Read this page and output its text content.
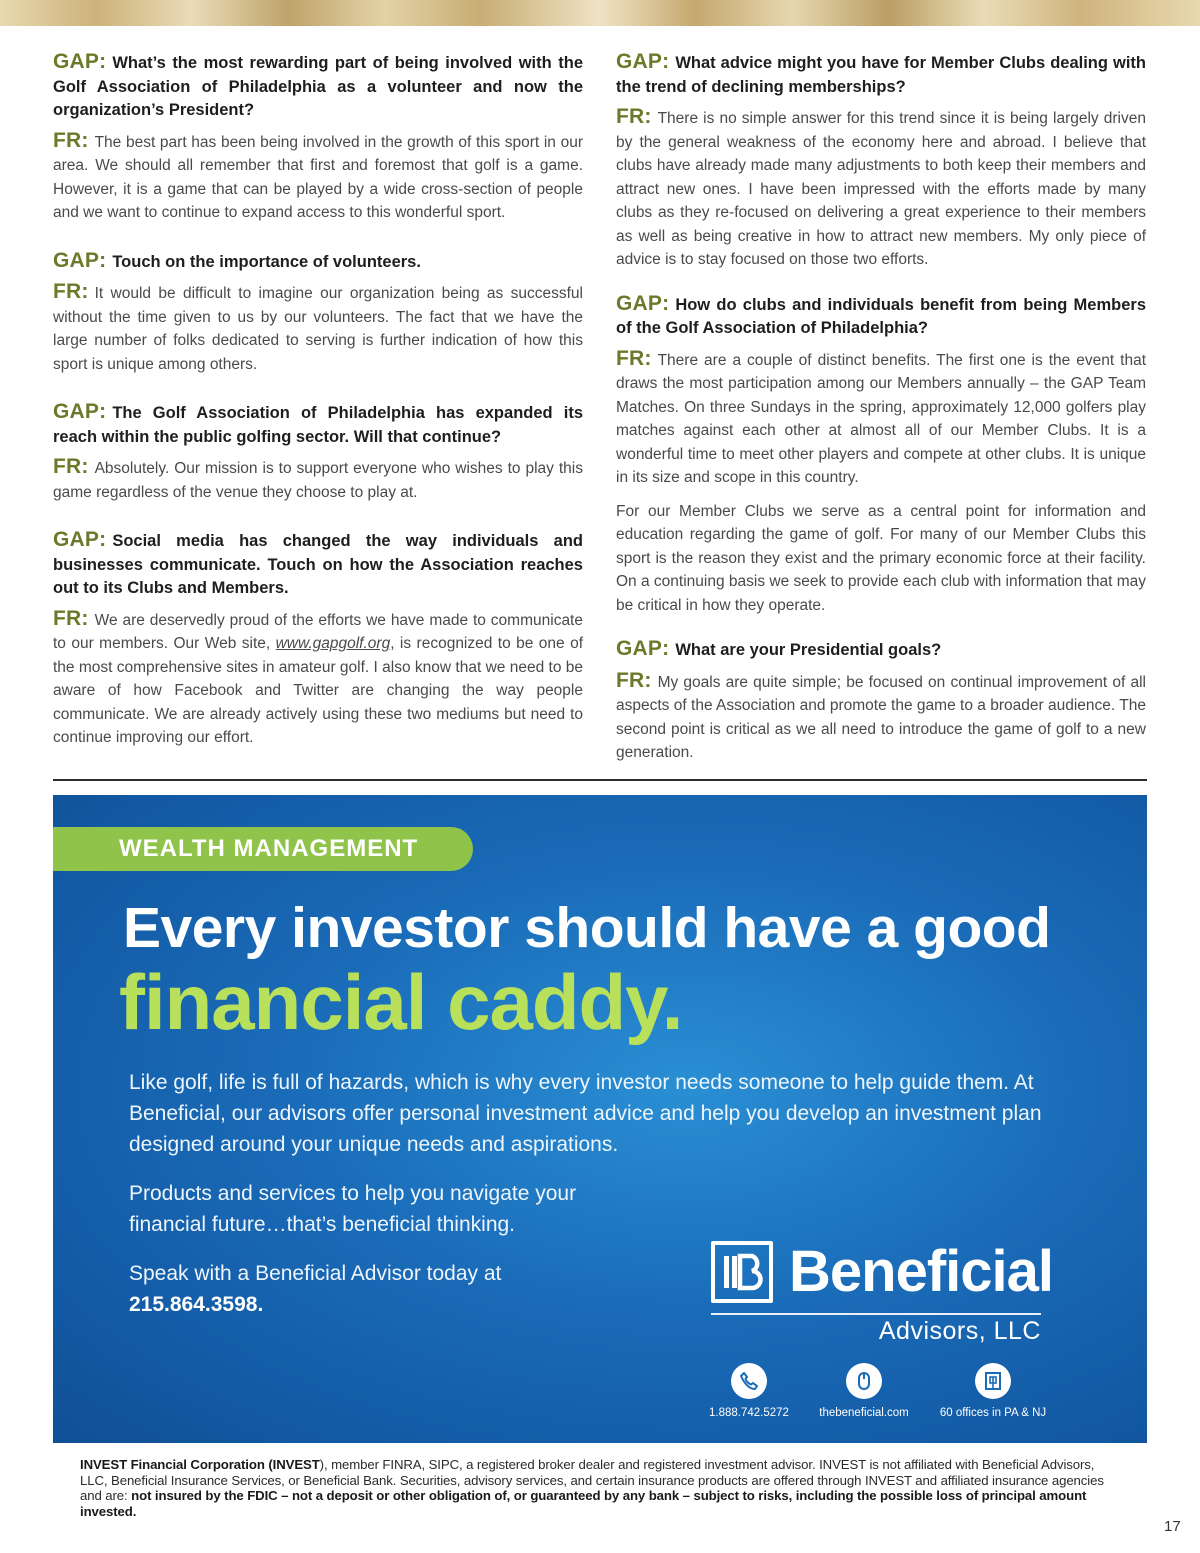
GAP: What’s the most rewarding part of being involved with the Golf Association of Philadelphia as a volunteer and now the organization’s President?

FR: The best part has been being involved in the growth of this sport in our area. We should all remember that first and foremost that golf is a game. However, it is a game that can be played by a wide cross-section of people and we want to continue to expand access to this wonderful sport.

GAP: Touch on the importance of volunteers.

FR: It would be difficult to imagine our organization being as successful without the time given to us by our volunteers. The fact that we have the large number of folks dedicated to serving is further indication of how this sport is unique among others.

GAP: The Golf Association of Philadelphia has expanded its reach within the public golfing sector. Will that continue?

FR: Absolutely. Our mission is to support everyone who wishes to play this game regardless of the venue they choose to play at.

GAP: Social media has changed the way individuals and businesses communicate. Touch on how the Association reaches out to its Clubs and Members.

FR: We are deservedly proud of the efforts we have made to communicate to our members. Our Web site, www.gapgolf.org, is recognized to be one of the most comprehensive sites in amateur golf. I also know that we need to be aware of how Facebook and Twitter are changing the way people communicate. We are already actively using these two mediums but need to continue improving our effort.

GAP: What advice might you have for Member Clubs dealing with the trend of declining memberships?

FR: There is no simple answer for this trend since it is being largely driven by the general weakness of the economy here and abroad. I believe that clubs have already made many adjustments to both keep their members and attract new ones. I have been impressed with the efforts made by many clubs as they re-focused on delivering a great experience to their members as well as being creative in how to attract new members. My only piece of advice is to stay focused on those two efforts.

GAP: How do clubs and individuals benefit from being Members of the Golf Association of Philadelphia?

FR: There are a couple of distinct benefits. The first one is the event that draws the most participation among our Members annually – the GAP Team Matches. On three Sundays in the spring, approximately 12,000 golfers play matches against each other at almost all of our Member Clubs. It is a wonderful time to meet other players and compete at other clubs. It is unique in its size and scope in this country.

For our Member Clubs we serve as a central point for information and education regarding the game of golf. For many of our Member Clubs this sport is the reason they exist and the primary economic force at their facility. On a continuing basis we seek to provide each club with information that may be critical in how they operate.

GAP: What are your Presidential goals?

FR: My goals are quite simple; be focused on continual improvement of all aspects of the Association and promote the game to a broader audience. The second point is critical as we all need to introduce the game of golf to a new generation.

WEALTH MANAGEMENT
Every investor should have a good
financial caddy.
Like golf, life is full of hazards, which is why every investor needs someone to help guide them. At Beneficial, our advisors offer personal investment advice and help you develop an investment plan designed around your unique needs and aspirations.
Products and services to help you navigate your financial future…that’s beneficial thinking.
Speak with a Beneficial Advisor today at
215.864.3598.
Beneficial
Advisors, LLC
1.888.742.5272	thebeneficial.com	60 offices in PA & NJ
INVEST Financial Corporation (INVEST), member FINRA, SIPC, a registered broker dealer and registered investment advisor. INVEST is not affiliated with Beneficial Advisors, LLC, Beneficial Insurance Services, or Beneficial Bank. Securities, advisory services, and certain insurance products are offered through INVEST and affiliated insurance agencies and are: not insured by the FDIC – not a deposit or other obligation of, or guaranteed by any bank – subject to risks, including the possible loss of principal amount invested.
17
